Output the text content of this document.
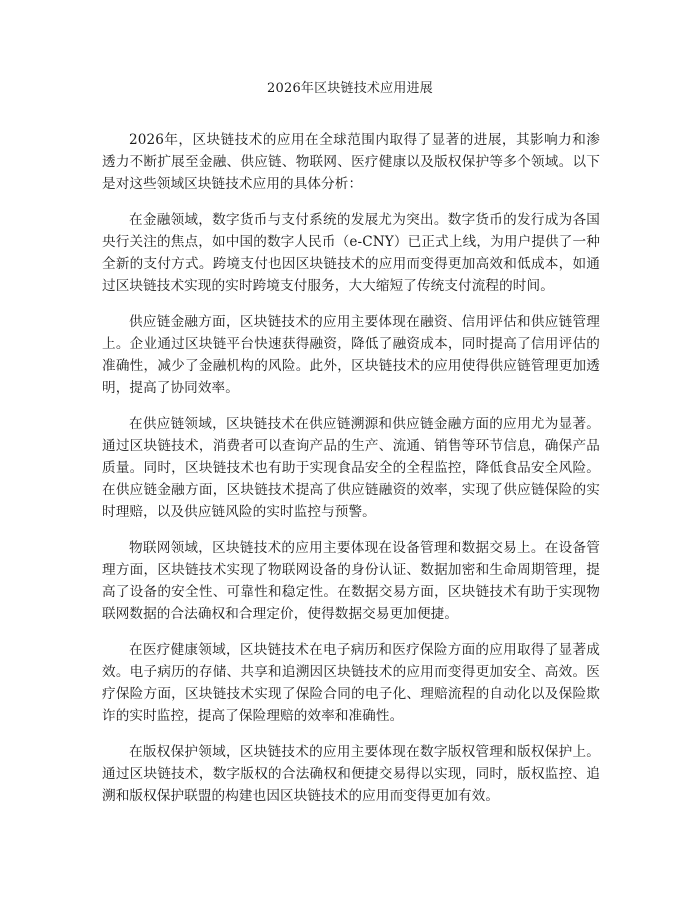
2026年区块链技术应用进展

2026年，区块链技术的应用在全球范围内取得了显著的进展，其影响力和渗透力不断扩展至金融、供应链、物联网、医疗健康以及版权保护等多个领域。以下是对这些领域区块链技术应用的具体分析：

在金融领域，数字货币与支付系统的发展尤为突出。数字货币的发行成为各国央行关注的焦点，如中国的数字人民币（e-CNY）已正式上线，为用户提供了一种全新的支付方式。跨境支付也因区块链技术的应用而变得更加高效和低成本，如通过区块链技术实现的实时跨境支付服务，大大缩短了传统支付流程的时间。

供应链金融方面，区块链技术的应用主要体现在融资、信用评估和供应链管理上。企业通过区块链平台快速获得融资，降低了融资成本，同时提高了信用评估的准确性，减少了金融机构的风险。此外，区块链技术的应用使得供应链管理更加透明，提高了协同效率。

在供应链领域，区块链技术在供应链溯源和供应链金融方面的应用尤为显著。通过区块链技术，消费者可以查询产品的生产、流通、销售等环节信息，确保产品质量。同时，区块链技术也有助于实现食品安全的全程监控，降低食品安全风险。在供应链金融方面，区块链技术提高了供应链融资的效率，实现了供应链保险的实时理赔，以及供应链风险的实时监控与预警。

物联网领域，区块链技术的应用主要体现在设备管理和数据交易上。在设备管理方面，区块链技术实现了物联网设备的身份认证、数据加密和生命周期管理，提高了设备的安全性、可靠性和稳定性。在数据交易方面，区块链技术有助于实现物联网数据的合法确权和合理定价，使得数据交易更加便捷。

在医疗健康领域，区块链技术在电子病历和医疗保险方面的应用取得了显著成效。电子病历的存储、共享和追溯因区块链技术的应用而变得更加安全、高效。医疗保险方面，区块链技术实现了保险合同的电子化、理赔流程的自动化以及保险欺诈的实时监控，提高了保险理赔的效率和准确性。

在版权保护领域，区块链技术的应用主要体现在数字版权管理和版权保护上。通过区块链技术，数字版权的合法确权和便捷交易得以实现，同时，版权监控、追溯和版权保护联盟的构建也因区块链技术的应用而变得更加有效。
